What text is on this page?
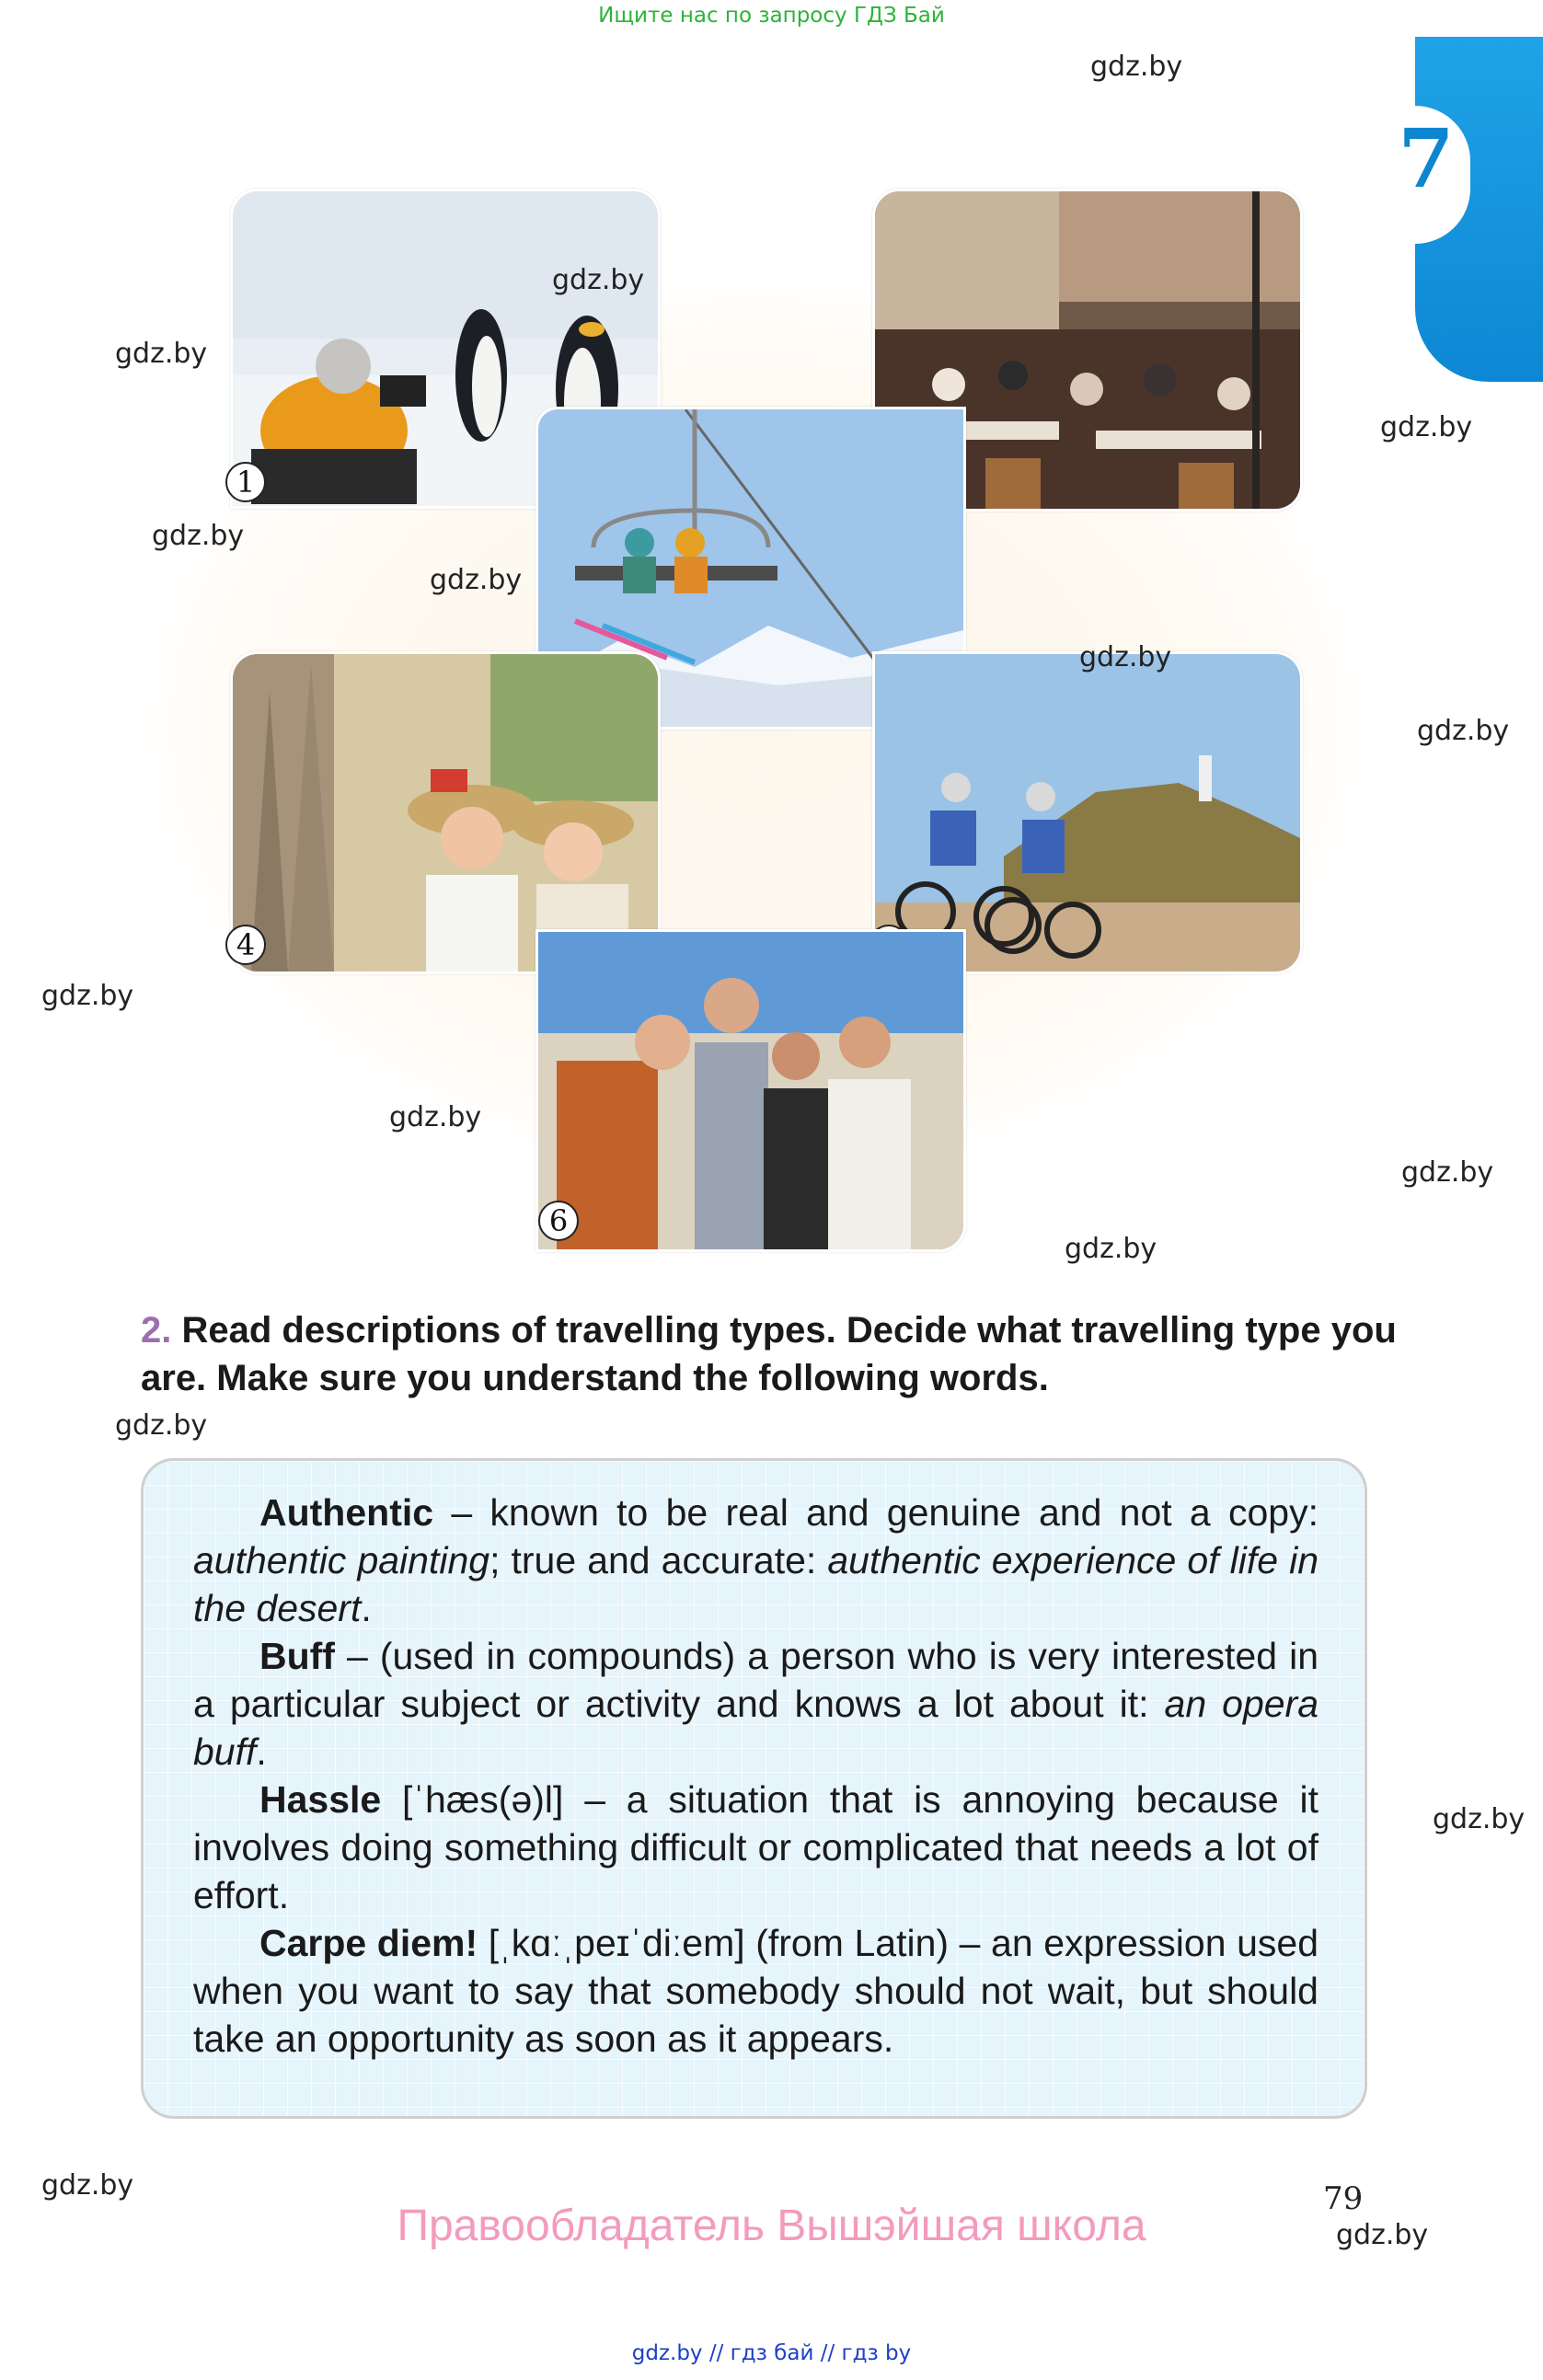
Ищите нас по запросу ГДЗ Бай
7
1
4
6
gdz.by
gdz.by
gdz.by
gdz.by
gdz.by
gdz.by
gdz.by
gdz.by
gdz.by
gdz.by
gdz.by
gdz.by
gdz.by
gdz.by
gdz.by
gdz.by
2. Read descriptions of travelling types. Decide what travelling type you are. Make sure you understand the following words.

Authentic – known to be real and genuine and not a copy: authentic painting; true and accurate: authentic experience of life in the desert.

Buff – (used in compounds) a person who is very interested in a particular subject or activity and knows a lot about it: an opera buff.

Hassle [ˈhæs(ə)l] – a situation that is annoying because it involves doing something difficult or complicated that needs a lot of effort.

Carpe diem! [ˌkɑːˌpeɪˈdiːem] (from Latin) – an expression used when you want to say that somebody should not wait, but should take an opportunity as soon as it appears.

79
Правообладатель Вышэйшая школа
gdz.by // гдз бай // гдз by
